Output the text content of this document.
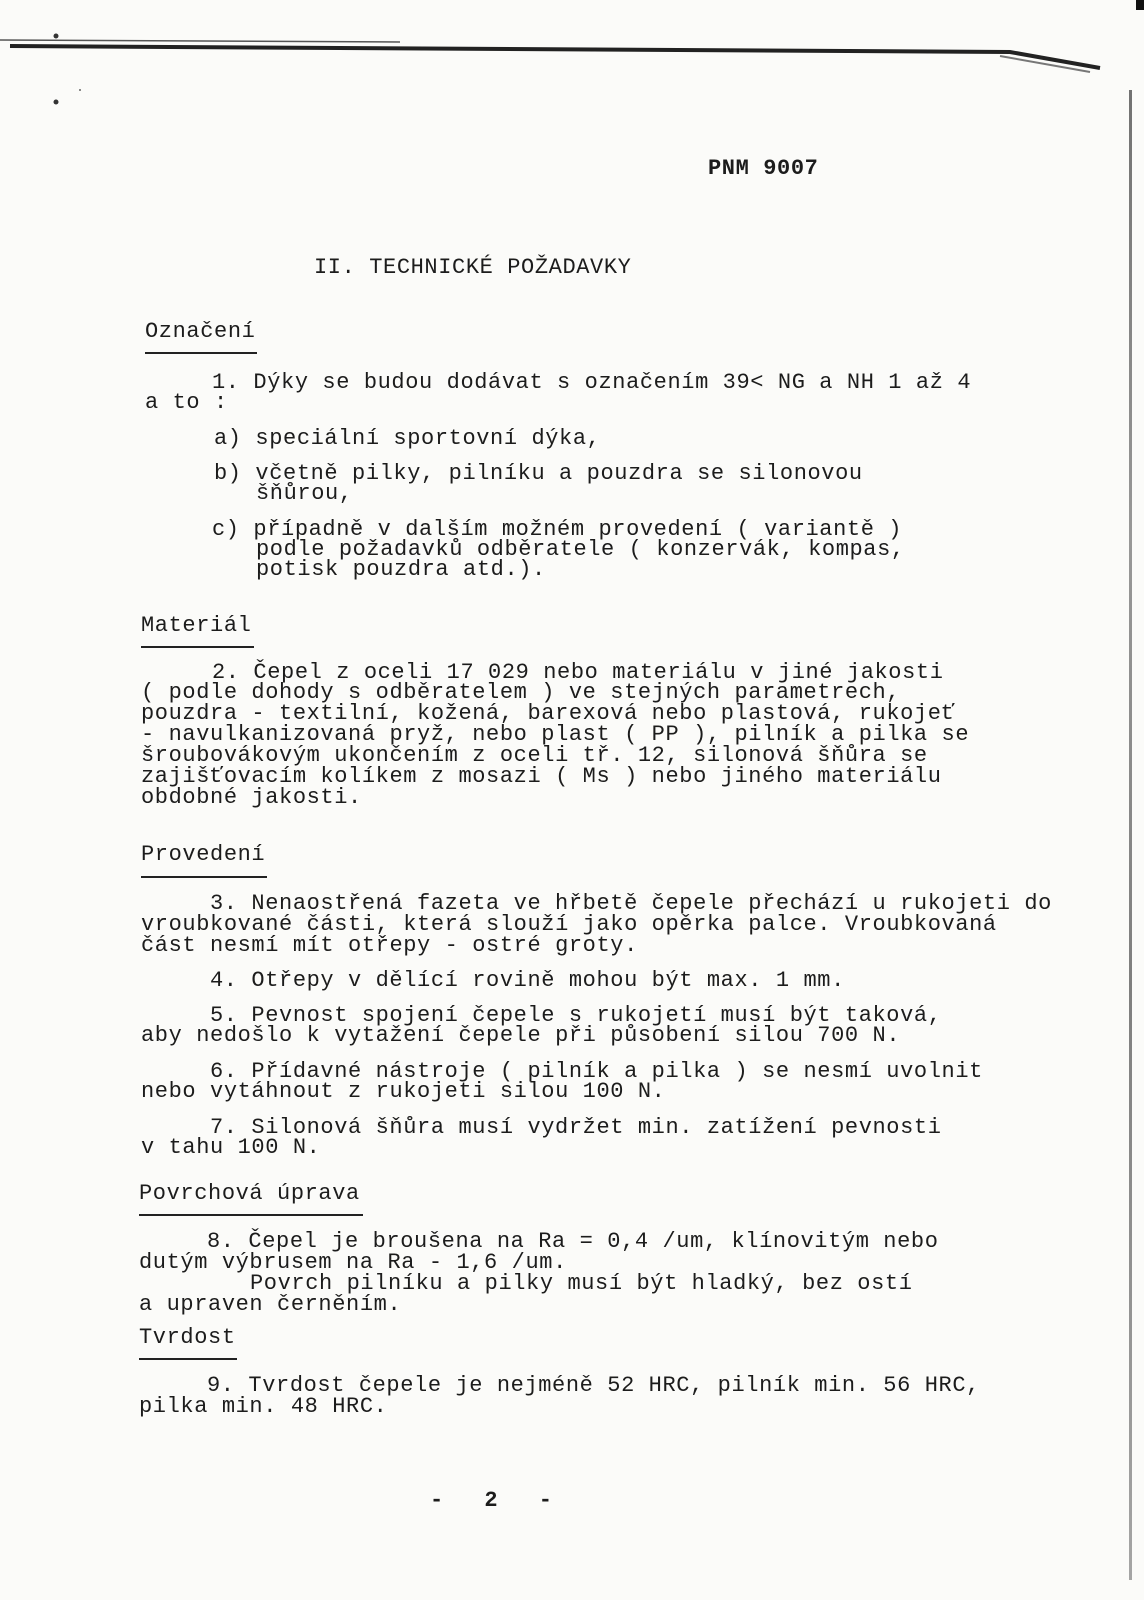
PNM 9007
II. TECHNICKÉ POŽADAVKY
Označení
1. Dýky se budou dodávat s označením 39< NG a NH 1 až 4
a to :
a) speciální sportovní dýka,
b) včetně pilky, pilníku a pouzdra se silonovou
šňůrou,
c) případně v dalším možném provedení ( variantě )
podle požadavků odběratele ( konzervák, kompas,
potisk pouzdra atd.).
Materiál
2. Čepel z oceli 17 029 nebo materiálu v jiné jakosti
( podle dohody s odběratelem ) ve stejných parametrech,
pouzdra - textilní, kožená, barexová nebo plastová, rukojeť
- navulkanizovaná pryž, nebo plast ( PP ), pilník a pilka se
šroubovákovým ukončením z oceli tř. 12, silonová šňůra se
zajišťovacím kolíkem z mosazi ( Ms ) nebo jiného materiálu
obdobné jakosti.
Provedení
3. Nenaostřená fazeta ve hřbetě čepele přechází u rukojeti do
vroubkované části, která slouží jako opěrka palce. Vroubkovaná
část nesmí mít otřepy - ostré groty.
4. Otřepy v dělící rovině mohou být max. 1 mm.
5. Pevnost spojení čepele s rukojetí musí být taková,
aby nedošlo k vytažení čepele při působení silou 700 N.
6. Přídavné nástroje ( pilník a pilka ) se nesmí uvolnit
nebo vytáhnout z rukojeti silou 100 N.
7. Silonová šňůra musí vydržet min. zatížení pevnosti
v tahu 100 N.
Povrchová úprava
8. Čepel je broušena na Ra = 0,4 /um, klínovitým nebo
dutým výbrusem na Ra - 1,6 /um.
Povrch pilníku a pilky musí být hladký, bez ostí
a upraven černěním.
Tvrdost
9. Tvrdost čepele je nejméně 52 HRC, pilník min. 56 HRC,
pilka min. 48 HRC.
- 2 -
